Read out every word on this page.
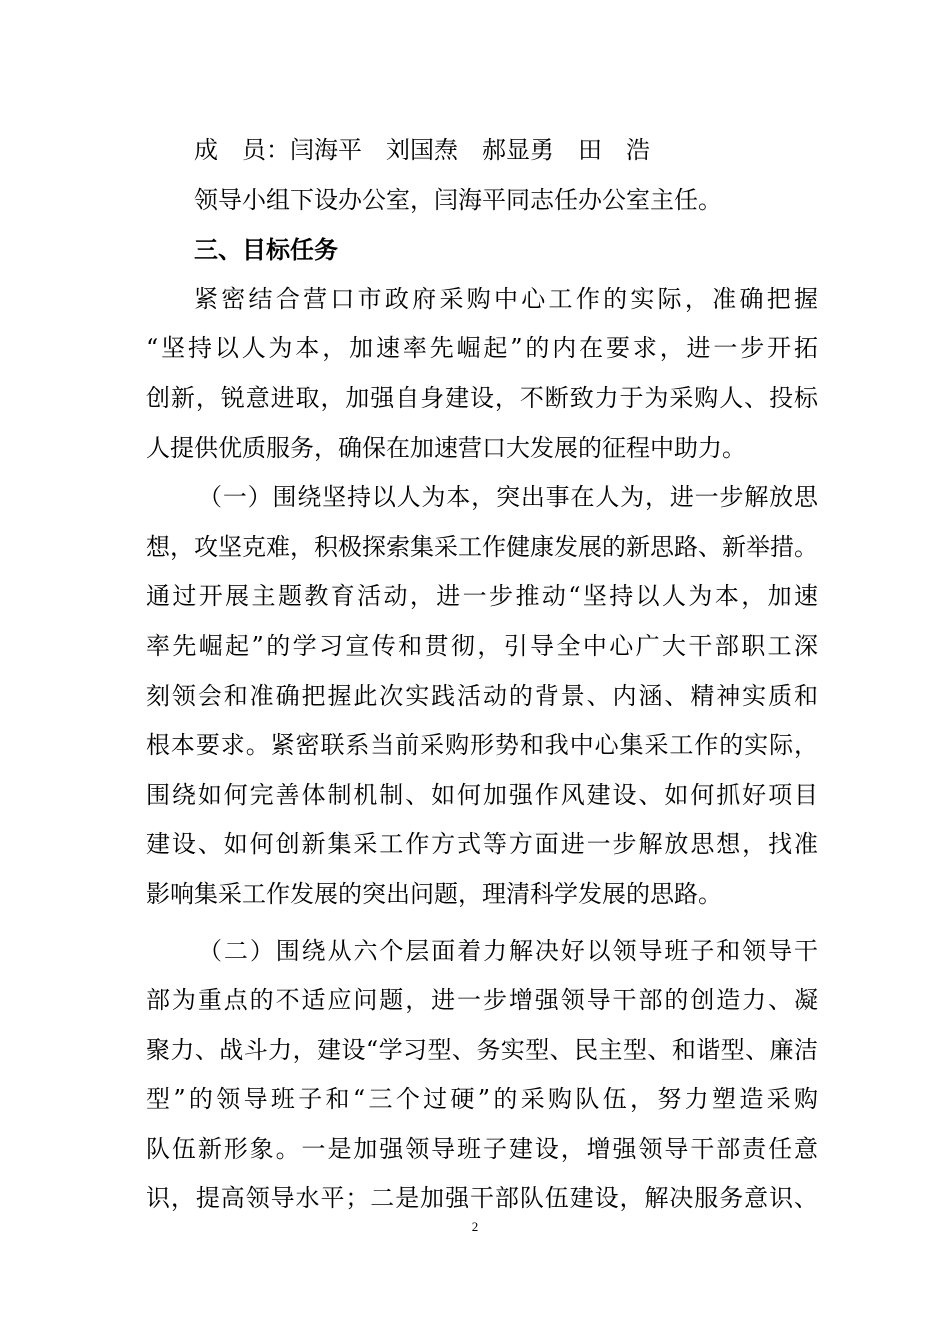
成　员：闫海平　刘国焘　郝显勇　田　浩
领导小组下设办公室，闫海平同志任办公室主任。
三、目标任务
紧密结合营口市政府采购中心工作的实际，准确把握
“坚持以人为本，加速率先崛起”的内在要求，进一步开拓
创新，锐意进取，加强自身建设，不断致力于为采购人、投标
人提供优质服务，确保在加速营口大发展的征程中助力。
（一）围绕坚持以人为本，突出事在人为，进一步解放思
想，攻坚克难，积极探索集采工作健康发展的新思路、新举措。
通过开展主题教育活动，进一步推动“坚持以人为本，加速
率先崛起”的学习宣传和贯彻，引导全中心广大干部职工深
刻领会和准确把握此次实践活动的背景、内涵、精神实质和
根本要求。紧密联系当前采购形势和我中心集采工作的实际，
围绕如何完善体制机制、如何加强作风建设、如何抓好项目
建设、如何创新集采工作方式等方面进一步解放思想，找准
影响集采工作发展的突出问题，理清科学发展的思路。
（二）围绕从六个层面着力解决好以领导班子和领导干
部为重点的不适应问题，进一步增强领导干部的创造力、凝
聚力、战斗力，建设“学习型、务实型、民主型、和谐型、廉洁
型”的领导班子和“三个过硬”的采购队伍，努力塑造采购
队伍新形象。一是加强领导班子建设，增强领导干部责任意
识，提高领导水平；二是加强干部队伍建设，解决服务意识、
2
